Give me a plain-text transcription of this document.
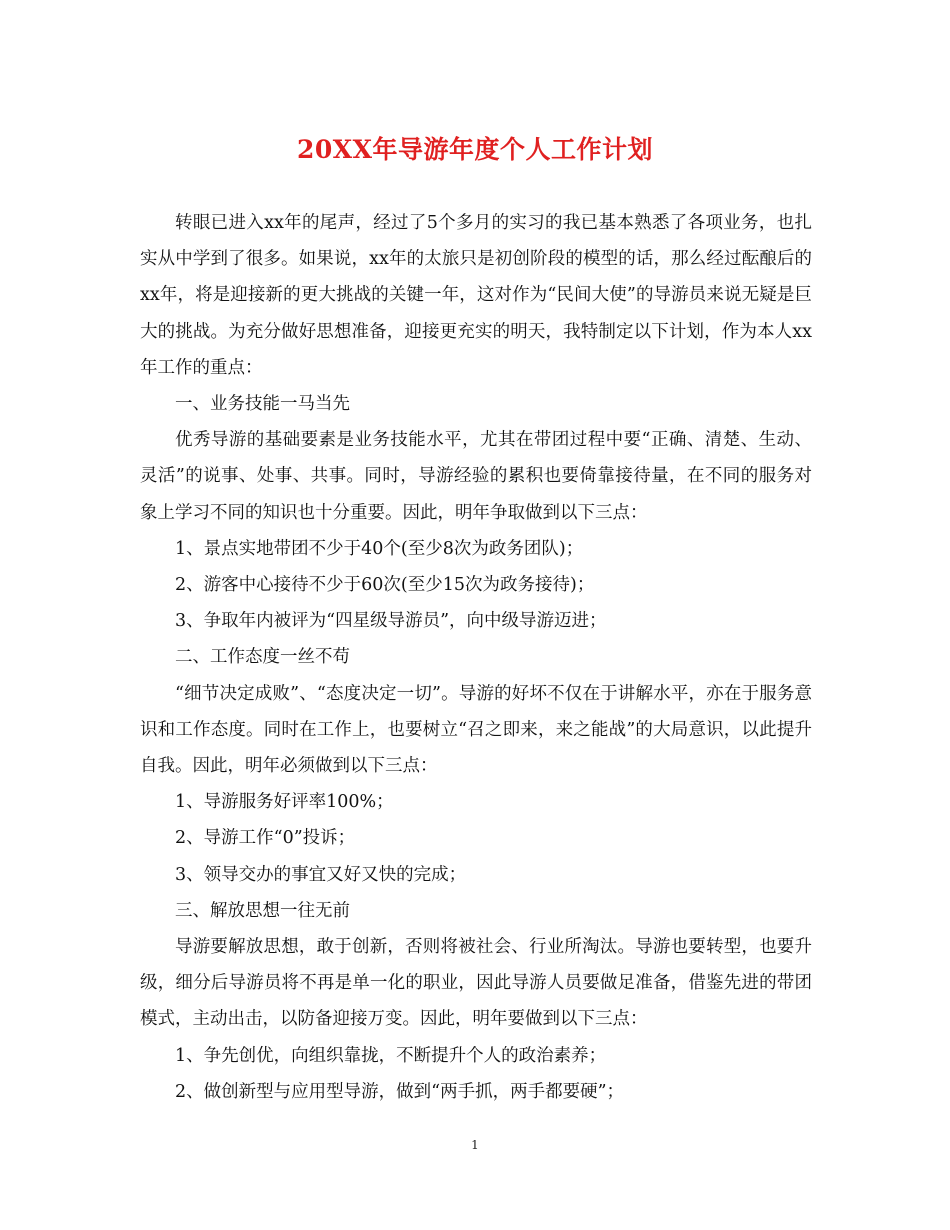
20XX年导游年度个人工作计划

转眼已进入xx年的尾声，经过了5个多月的实习的我已基本熟悉了各项业务，也扎实从中学到了很多。如果说，xx年的太旅只是初创阶段的模型的话，那么经过酝酿后的xx年，将是迎接新的更大挑战的关键一年，这对作为“民间大使”的导游员来说无疑是巨大的挑战。为充分做好思想准备，迎接更充实的明天，我特制定以下计划，作为本人xx年工作的重点：

一、业务技能一马当先

优秀导游的基础要素是业务技能水平，尤其在带团过程中要“正确、清楚、生动、灵活”的说事、处事、共事。同时，导游经验的累积也要倚靠接待量，在不同的服务对象上学习不同的知识也十分重要。因此，明年争取做到以下三点：

1、景点实地带团不少于40个(至少8次为政务团队)；

2、游客中心接待不少于60次(至少15次为政务接待)；

3、争取年内被评为“四星级导游员”，向中级导游迈进；

二、工作态度一丝不苟

“细节决定成败”、“态度决定一切”。导游的好坏不仅在于讲解水平，亦在于服务意识和工作态度。同时在工作上，也要树立“召之即来，来之能战”的大局意识，以此提升自我。因此，明年必须做到以下三点：

1、导游服务好评率100%；

2、导游工作“0”投诉；

3、领导交办的事宜又好又快的完成；

三、解放思想一往无前

导游要解放思想，敢于创新，否则将被社会、行业所淘汰。导游也要转型，也要升级，细分后导游员将不再是单一化的职业，因此导游人员要做足准备，借鉴先进的带团模式，主动出击，以防备迎接万变。因此，明年要做到以下三点：

1、争先创优，向组织靠拢，不断提升个人的政治素养；

2、做创新型与应用型导游，做到“两手抓，两手都要硬”；

1
